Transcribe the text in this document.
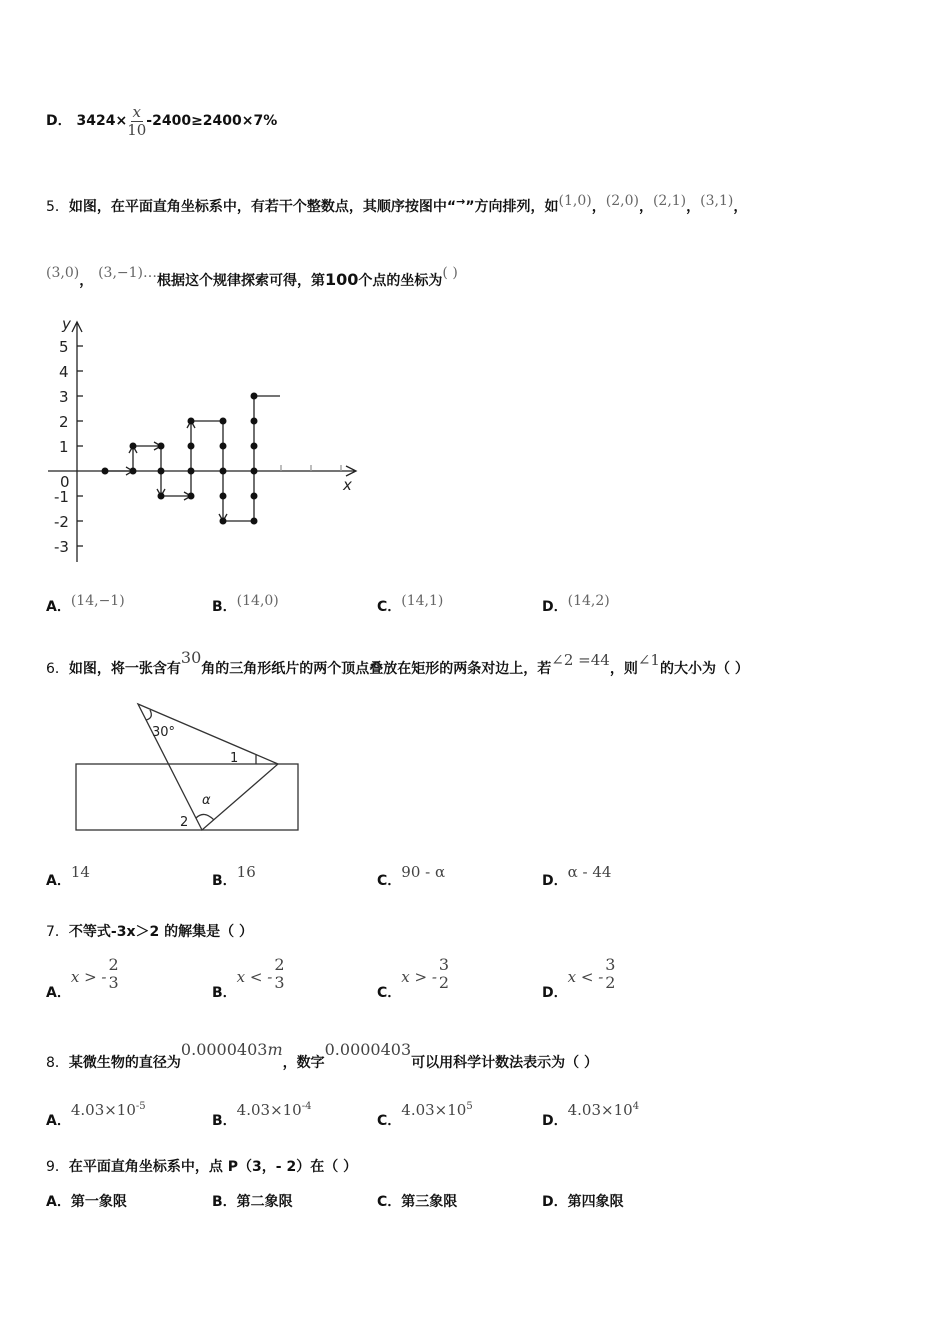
D． $3424\times \frac{x}{10} -2400\ge 2400\times 7\%$
5．如图，在平面直角坐标系中，有若干个整数点，其顺序按图中“→”方向排列，如(1,0)，(2,0)，(2,1)，(3,1)，
(3,0)， (3,−1)…根据这个规律探索可得，第100个点的坐标为( )
y
x
0
5
4
3
2
1
-1
-2
-3
A．(14,−1)	B．(14,0)	C．(14,1)	D．(14,2)
6．如图，将一张含有30角的三角形纸片的两个顶点叠放在矩形的两条对边上，若∠2 =44，则∠1的大小为（ ）
30°
1
2
α
A．14	B．16	C．90 - α	D．α - 44
7．不等式-3x＞2 的解集是（ ）
A．x > -
2
3
B．x < -
2
3
C．x > -
3
2
D．x < -
3
2
8．某微生物的直径为0.0000403m，数字0.0000403可以用科学计数法表示为（ ）
A．$4.03\times 10^{-5}$
B．$4.03\times 10^{-4}$
C．$4.03\times 10^5$
D．$4.03\times 10^4$
9．在平面直角坐标系中，点 P（3，- 2）在（ ）
A．第一象限	B．第二象限	C．第三象限	D．第四象限
